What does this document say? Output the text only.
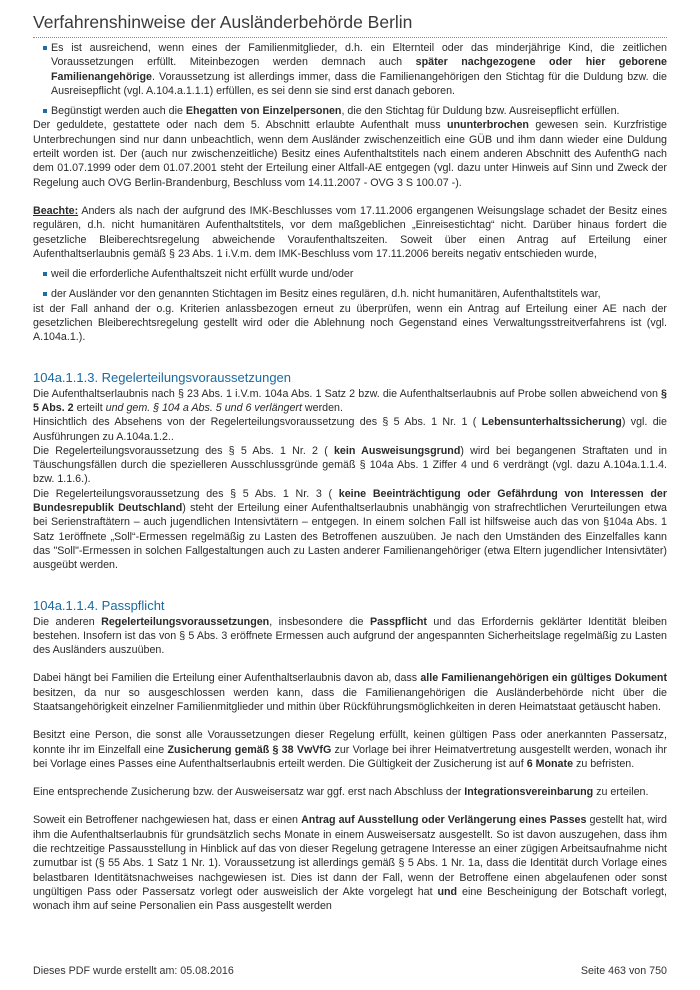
Verfahrenshinweise der Ausländerbehörde Berlin

Es ist ausreichend, wenn eines der Familienmitglieder, d.h. ein Elternteil oder das minderjährige Kind, die zeitlichen Voraussetzungen erfüllt. Miteinbezogen werden demnach auch später nachgezogene oder hier geborene Familienangehörige. Voraussetzung ist allerdings immer, dass die Familienangehörigen den Stichtag für die Duldung bzw. die Ausreisepflicht (vgl. A.104.a.1.1.1) erfüllen, es sei denn sie sind erst danach geboren.

Begünstigt werden auch die Ehegatten von Einzelpersonen, die den Stichtag für Duldung bzw. Ausreisepflicht erfüllen.

Der geduldete, gestattete oder nach dem 5. Abschnitt erlaubte Aufenthalt muss ununterbrochen gewesen sein. Kurzfristige Unterbrechungen sind nur dann unbeachtlich, wenn dem Ausländer zwischenzeitlich eine GÜB und ihm dann wieder eine Duldung erteilt worden ist. Der (auch nur zwischenzeitliche) Besitz eines Aufenthaltstitels nach einem anderen Abschnitt des AufenthG nach dem 01.07.1999 oder dem 01.07.2001 steht der Erteilung einer Altfall-AE entgegen (vgl. dazu unter Hinweis auf Sinn und Zweck der Regelung auch OVG Berlin-Brandenburg, Beschluss vom 14.11.2007 - OVG 3 S 100.07 -).

Beachte: Anders als nach der aufgrund des IMK-Beschlusses vom 17.11.2006 ergangenen Weisungslage schadet der Besitz eines regulären, d.h. nicht humanitären Aufenthaltstitels, vor dem maßgeblichen „Einreisestichtag“ nicht. Darüber hinaus fordert die gesetzliche Bleiberechtsregelung abweichende Voraufenthaltszeiten. Soweit über einen Antrag auf Erteilung einer Aufenthaltserlaubnis gemäß § 23 Abs. 1 i.V.m. dem IMK-Beschluss vom 17.11.2006 bereits negativ entschieden wurde,

weil die erforderliche Aufenthaltszeit nicht erfüllt wurde und/oder

der Ausländer vor den genannten Stichtagen im Besitz eines regulären, d.h. nicht humanitären, Aufenthaltstitels war,

ist der Fall anhand der o.g. Kriterien anlassbezogen erneut zu überprüfen, wenn ein Antrag auf Erteilung einer AE nach der gesetzlichen Bleiberechtsregelung gestellt wird oder die Ablehnung noch Gegenstand eines Verwaltungsstreitverfahrens ist (vgl. A.104a.1.).

104a.1.1.3. Regelerteilungsvoraussetzungen

Die Aufenthaltserlaubnis nach § 23 Abs. 1 i.V.m. 104a Abs. 1 Satz 2 bzw. die Aufenthaltserlaubnis auf Probe sollen abweichend von § 5 Abs. 2 erteilt und gem. § 104 a Abs. 5 und 6 verlängert werden.

Hinsichtlich des Absehens von der Regelerteilungsvoraussetzung des § 5 Abs. 1 Nr. 1 ( Lebensunterhaltssicherung) vgl. die Ausführungen zu A.104a.1.2..

Die Regelerteilungsvoraussetzung des § 5 Abs. 1 Nr. 2 ( kein Ausweisungsgrund) wird bei begangenen Straftaten und in Täuschungsfällen durch die spezielleren Ausschlussgründe gemäß § 104a Abs. 1 Ziffer 4 und 6 verdrängt (vgl. dazu A.104a.1.1.4. bzw. 1.1.6.).

Die Regelerteilungsvoraussetzung des § 5 Abs. 1 Nr. 3 ( keine Beeinträchtigung oder Gefährdung von Interessen der Bundesrepublik Deutschland) steht der Erteilung einer Aufenthaltserlaubnis unabhängig von strafrechtlichen Verurteilungen etwa bei Serienstraftätern – auch jugendlichen Intensivtätern – entgegen. In einem solchen Fall ist hilfsweise auch das von §104a Abs. 1 Satz 1eröffnete „Soll“-Ermessen regelmäßig zu Lasten des Betroffenen auszuüben. Je nach den Umständen des Einzelfalles kann das "Soll"-Ermessen in solchen Fallgestaltungen auch zu Lasten anderer Familienangehöriger (etwa Eltern jugendlicher Intensivtäter) ausgeübt werden.

104a.1.1.4. Passpflicht

Die anderen Regelerteilungsvoraussetzungen, insbesondere die Passpflicht und das Erfordernis geklärter Identität bleiben bestehen. Insofern ist das von § 5 Abs. 3 eröffnete Ermessen auch aufgrund der angespannten Sicherheitslage regelmäßig zu Lasten des Ausländers auszuüben.

Dabei hängt bei Familien die Erteilung einer Aufenthaltserlaubnis davon ab, dass alle Familienangehörigen ein gültiges Dokument besitzen, da nur so ausgeschlossen werden kann, dass die Familienangehörigen die Ausländerbehörde nicht über die Staatsangehörigkeit einzelner Familienmitglieder und mithin über Rückführungsmöglichkeiten in deren Heimatstaat getäuscht haben.

Besitzt eine Person, die sonst alle Voraussetzungen dieser Regelung erfüllt, keinen gültigen Pass oder anerkannten Passersatz, konnte ihr im Einzelfall eine Zusicherung gemäß § 38 VwVfG zur Vorlage bei ihrer Heimatvertretung ausgestellt werden, wonach ihr bei Vorlage eines Passes eine Aufenthaltserlaubnis erteilt werden. Die Gültigkeit der Zusicherung ist auf 6 Monate zu befristen.

Eine entsprechende Zusicherung bzw. der Ausweisersatz war ggf. erst nach Abschluss der Integrationsvereinbarung zu erteilen.

Soweit ein Betroffener nachgewiesen hat, dass er einen Antrag auf Ausstellung oder Verlängerung eines Passes gestellt hat, wird ihm die Aufenthaltserlaubnis für grundsätzlich sechs Monate in einem Ausweisersatz ausgestellt. So ist davon auszugehen, dass ihm die rechtzeitige Passausstellung in Hinblick auf das von dieser Regelung getragene Interesse an einer zügigen Arbeitsaufnahme nicht zumutbar ist (§ 55 Abs. 1 Satz 1 Nr. 1). Voraussetzung ist allerdings gemäß § 5 Abs. 1 Nr. 1a, dass die Identität durch Vorlage eines belastbaren Identitätsnachweises nachgewiesen ist. Dies ist dann der Fall, wenn der Betroffene einen abgelaufenen oder sonst ungültigen Pass oder Passersatz vorlegt oder ausweislich der Akte vorgelegt hat und eine Bescheinigung der Botschaft vorlegt, wonach ihm auf seine Personalien ein Pass ausgestellt werden

Dieses PDF wurde erstellt am: 05.08.2016	Seite 463 von 750
